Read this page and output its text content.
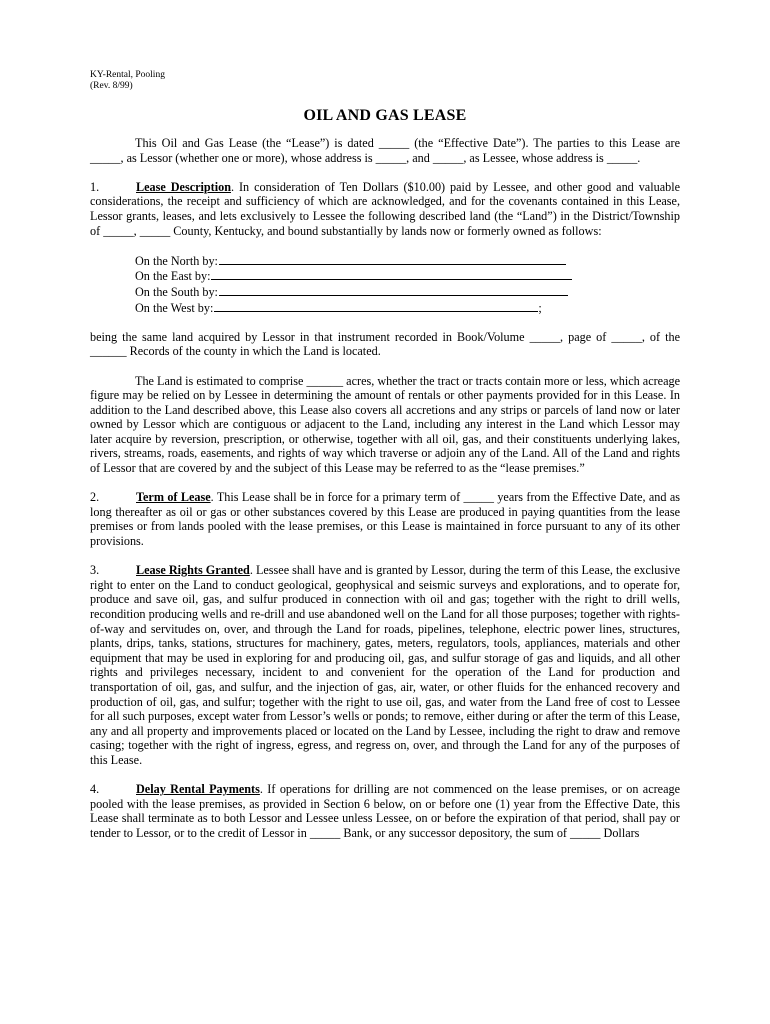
KY-Rental, Pooling
(Rev. 8/99)
OIL AND GAS LEASE

This Oil and Gas Lease (the “Lease”) is dated _____ (the “Effective Date”). The parties to this Lease are _____, as Lessor (whether one or more), whose address is _____, and _____, as Lessee, whose address is _____.

1.	Lease Description. In consideration of Ten Dollars ($10.00) paid by Lessee, and other good and valuable considerations, the receipt and sufficiency of which are acknowledged, and for the covenants contained in this Lease, Lessor grants, leases, and lets exclusively to Lessee the following described land (the “Land”) in the District/Township of _____, _____ County, Kentucky, and bound substantially by lands now or formerly owned as follows:

On the North by:
On the East by:
On the South by:
On the West by:	;

being the same land acquired by Lessor in that instrument recorded in Book/Volume _____, page of _____, of the ______ Records of the county in which the Land is located.

The Land is estimated to comprise ______ acres, whether the tract or tracts contain more or less, which acreage figure may be relied on by Lessee in determining the amount of rentals or other payments provided for in this Lease. In addition to the Land described above, this Lease also covers all accretions and any strips or parcels of land now or later owned by Lessor which are contiguous or adjacent to the Land, including any interest in the Land which Lessor may later acquire by reversion, prescription, or otherwise, together with all oil, gas, and their constituents underlying lakes, rivers, streams, roads, easements, and rights of way which traverse or adjoin any of the Land. All of the Land and rights of Lessor that are covered by and the subject of this Lease may be referred to as the “lease premises.”

2.	Term of Lease. This Lease shall be in force for a primary term of _____ years from the Effective Date, and as long thereafter as oil or gas or other substances covered by this Lease are produced in paying quantities from the lease premises or from lands pooled with the lease premises, or this Lease is maintained in force pursuant to any of its other provisions.

3.	Lease Rights Granted. Lessee shall have and is granted by Lessor, during the term of this Lease, the exclusive right to enter on the Land to conduct geological, geophysical and seismic surveys and explorations, and to operate for, produce and save oil, gas, and sulfur produced in connection with oil and gas; together with the right to drill wells, recondition producing wells and re-drill and use abandoned well on the Land for all those purposes; together with rights-of-way and servitudes on, over, and through the Land for roads, pipelines, telephone, electric power lines, structures, plants, drips, tanks, stations, structures for machinery, gates, meters, regulators, tools, appliances, materials and other equipment that may be used in exploring for and producing oil, gas, and sulfur storage of gas and liquids, and all other rights and privileges necessary, incident to and convenient for the operation of the Land for production and transportation of oil, gas, and sulfur, and the injection of gas, air, water, or other fluids for the enhanced recovery and production of oil, gas, and sulfur; together with the right to use oil, gas, and water from the Land free of cost to Lessee for all such purposes, except water from Lessor’s wells or ponds; to remove, either during or after the term of this Lease, any and all property and improvements placed or located on the Land by Lessee, including the right to draw and remove casing; together with the right of ingress, egress, and regress on, over, and through the Land for any of the purposes of this Lease.

4.	Delay Rental Payments. If operations for drilling are not commenced on the lease premises, or on acreage pooled with the lease premises, as provided in Section 6 below, on or before one (1) year from the Effective Date, this Lease shall terminate as to both Lessor and Lessee unless Lessee, on or before the expiration of that period, shall pay or tender to Lessor, or to the credit of Lessor in _____ Bank, or any successor depository, the sum of _____ Dollars
